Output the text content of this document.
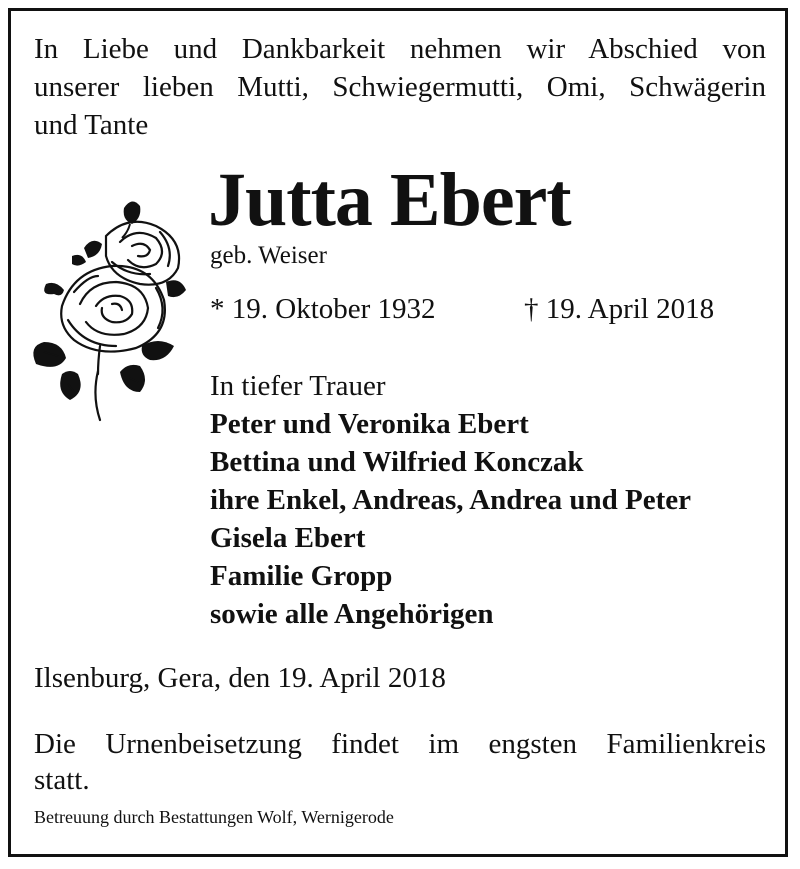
In Liebe und Dankbarkeit nehmen wir Abschied von
unserer lieben Mutti, Schwiegermutti, Omi, Schwägerin
und Tante
Jutta Ebert
geb. Weiser
* 19. Oktober 1932	† 19. April 2018
In tiefer Trauer
Peter und Veronika Ebert
Bettina und Wilfried Konczak
ihre Enkel, Andreas, Andrea und Peter
Gisela Ebert
Familie Gropp
sowie alle Angehörigen
Ilsenburg, Gera, den 19. April 2018
Die Urnenbeisetzung findet im engsten Familienkreis
statt.
Betreuung durch Bestattungen Wolf, Wernigerode
